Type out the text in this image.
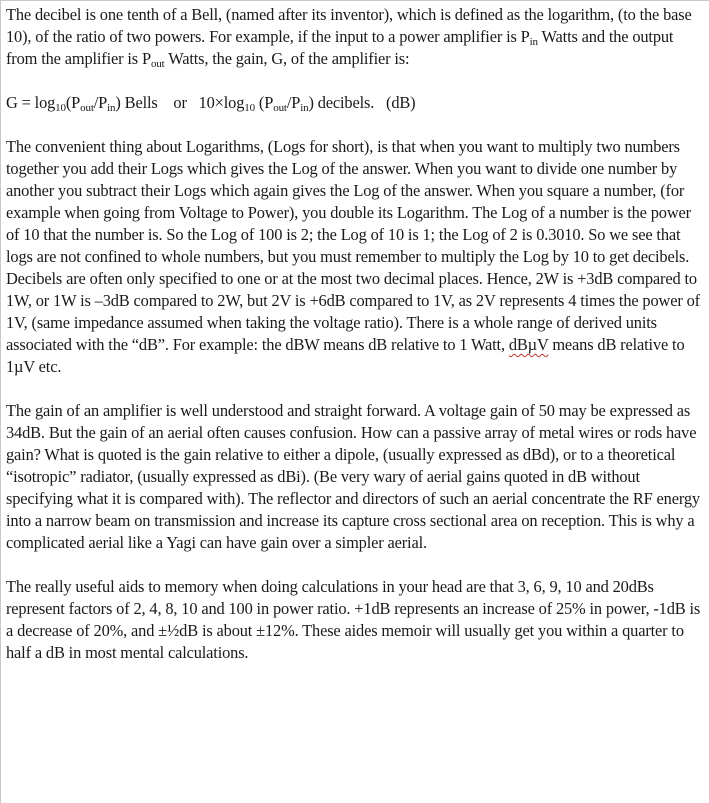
The decibel is one tenth of a Bell, (named after its inventor), which is defined as the logarithm, (to the base 10), of the ratio of two powers. For example, if the input to a power amplifier is $P_{in}$ Watts and the output from the amplifier is $P_{out}$ Watts, the gain, G, of the amplifier is:

$G = \log_{10}(P_{out}/P_{in})$ Bells    or   $10\times\log_{10}$ $(P_{out}/P_{in})$ decibels.   (dB)

The convenient thing about Logarithms, (Logs for short), is that when you want to multiply two numbers together you add their Logs which gives the Log of the answer. When you want to divide one number by another you subtract their Logs which again gives the Log of the answer. When you square a number, (for example when going from Voltage to Power), you double its Logarithm. The Log of a number is the power of 10 that the number is. So the Log of 100 is 2; the Log of 10 is 1; the Log of 2 is 0.3010. So we see that logs are not confined to whole numbers, but you must remember to multiply the Log by 10 to get decibels. Decibels are often only specified to one or at the most two decimal places. Hence, 2W is +3dB compared to 1W, or 1W is –3dB compared to 2W, but 2V is +6dB compared to 1V, as 2V represents 4 times the power of 1V, (same impedance assumed when taking the voltage ratio). There is a whole range of derived units associated with the “dB”. For example: the dBW means dB relative to 1 Watt, dBµV means dB relative to 1µV etc.

The gain of an amplifier is well understood and straight forward. A voltage gain of 50 may be expressed as 34dB. But the gain of an aerial often causes confusion. How can a passive array of metal wires or rods have gain? What is quoted is the gain relative to either a dipole, (usually expressed as dBd), or to a theoretical “isotropic” radiator, (usually expressed as dBi). (Be very wary of aerial gains quoted in dB without specifying what it is compared with). The reflector and directors of such an aerial concentrate the RF energy into a narrow beam on transmission and increase its capture cross sectional area on reception. This is why a complicated aerial like a Yagi can have gain over a simpler aerial.

The really useful aids to memory when doing calculations in your head are that 3, 6, 9, 10 and 20dBs represent factors of 2, 4, 8, 10 and 100 in power ratio. +1dB represents an increase of 25% in power, -1dB is a decrease of 20%, and ±½dB is about ±12%. These aides memoir will usually get you within a quarter to half a dB in most mental calculations.
